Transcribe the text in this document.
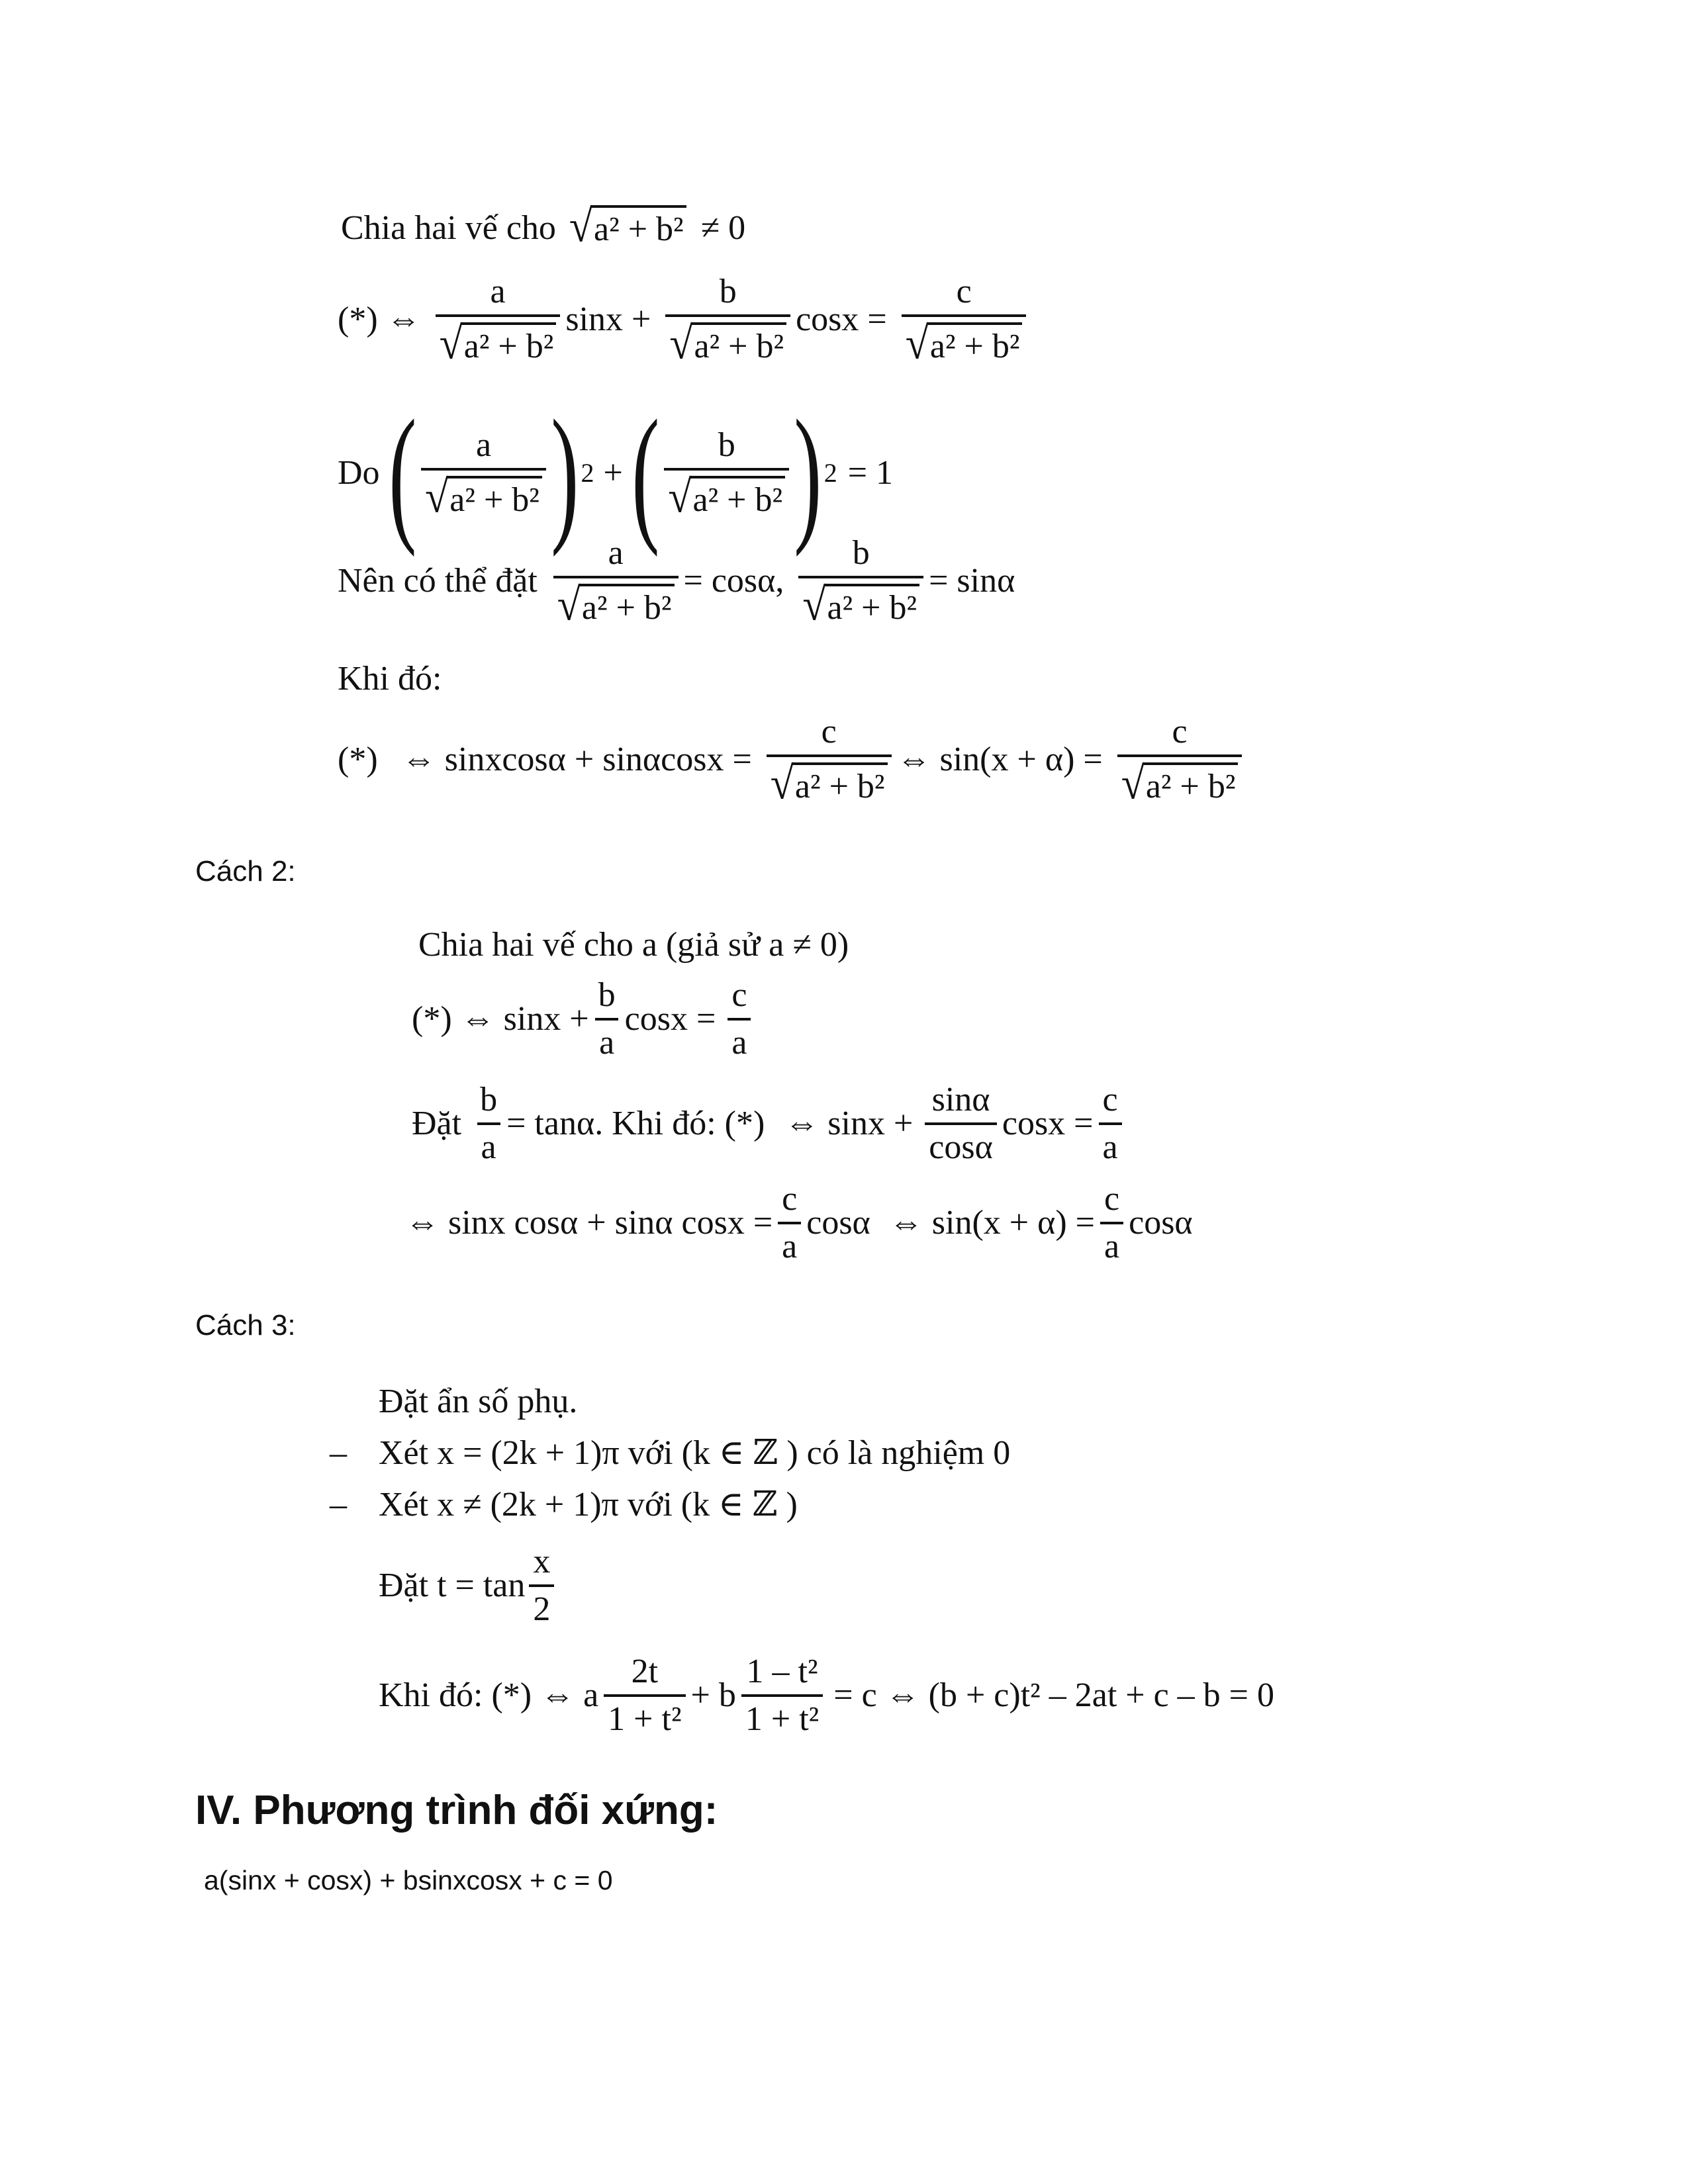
Chia hai vế cho √ a² + b² ≠ 0
(*) ⇔ $\frac{a}{\text{√ a² + b²}}$ $\sin x + \frac{b}{\text{√ a² + b²}}$ $\cos x = \frac{c}{\text{√ a² + b²}}$
Do ( $\frac{a}{\text{√ a² + b²}}$ ) 2 + ( $\frac{b}{\text{√ a² + b²}}$ ) 2 = 1
Nên có thể đặt $\frac{a}{\text{√ a² + b²}} = \cos\alpha$, $\frac{b}{\text{√ a² + b²}} = \sin\alpha$
Khi đó:
(*) ⇔ sinxcosα + $\sin\alpha\cos x = \frac{c}{\text{√ a² + b²}}$ ⇔ $\sin(x + \alpha) = \frac{c}{\text{√ a² + b²}}$
Cách 2:
Chia hai vế cho a (giả sử a ≠ 0)
(*) ⇔ $\sin x + \frac{b}{a}$ $\cos x = \frac{c}{a}$
Đặt $\frac{b}{a} = \tan\alpha$. Khi đó: (*) ⇔ $\sin x + \frac{\sin\alpha}{\cos\alpha}$ $\cos x = \frac{c}{a}$
⇔ sinx cosα + sinα $\cos x = \frac{c}{a}$ cosα ⇔ $\sin(x + \alpha) = \frac{c}{a}$ cosα
Cách 3:
Đặt ẩn số phụ.
– Xét x = (2k + 1)π với (k ∈ ℤ ) có là nghiệm 0
– Xét x ≠ (2k + 1)π với (k ∈ ℤ )
Đặt $t = \tan \frac{x}{2}$
Khi đó: (*) ⇔ a $\frac{2t}{\text{1 + t²}} + b \frac{\text{1 – t²}}{\text{1 + t²}} = c$ ⇔ (b + c)t² – 2at + c – b = 0
IV. Phương trình đối xứng:
a(sinx + cosx) + bsinxcosx + c = 0
